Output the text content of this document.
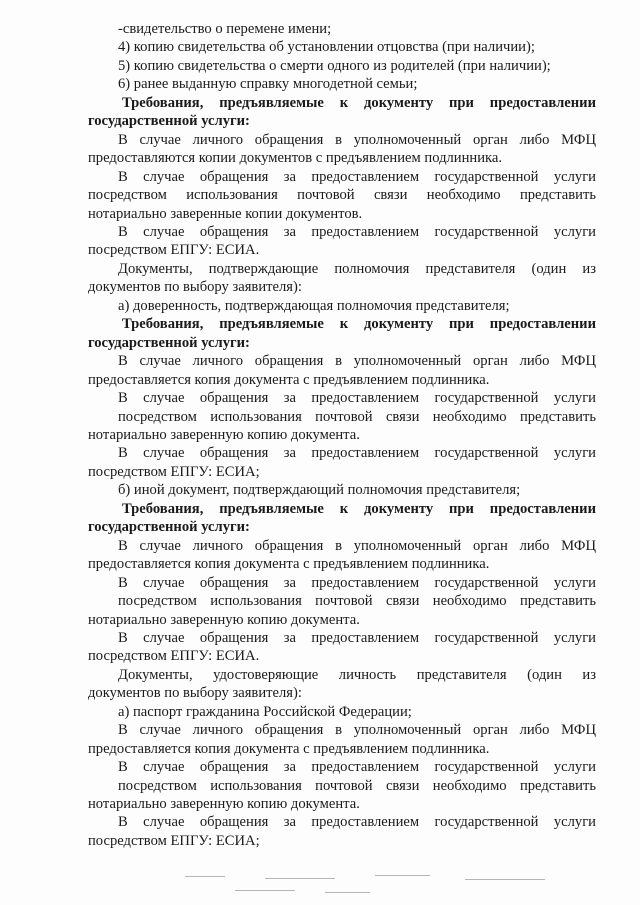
-свидетельство о перемене имени;

4) копию свидетельства об установлении отцовства (при наличии);

5) копию свидетельства о смерти одного из родителей (при наличии);

6) ранее выданную справку многодетной семьи;

Требования, предъявляемые к документу при предоставлении
государственной услуги:

В случае личного обращения в уполномоченный орган либо МФЦ
предоставляются копии документов с предъявлением подлинника.

В случае обращения за предоставлением государственной услуги
посредством использования почтовой связи необходимо представить
нотариально заверенные копии документов.

В случае обращения за предоставлением государственной услуги
посредством ЕПГУ: ЕСИА.

Документы, подтверждающие полномочия представителя (один из
документов по выбору заявителя):

а) доверенность, подтверждающая полномочия представителя;

Требования, предъявляемые к документу при предоставлении
государственной услуги:

В случае личного обращения в уполномоченный орган либо МФЦ
предоставляется копия документа с предъявлением подлинника.

В случае обращения за предоставлением государственной услуги
посредством использования почтовой связи необходимо представить
нотариально заверенную копию документа.

В случае обращения за предоставлением государственной услуги
посредством ЕПГУ: ЕСИА;

б) иной документ, подтверждающий полномочия представителя;

Требования, предъявляемые к документу при предоставлении
государственной услуги:

В случае личного обращения в уполномоченный орган либо МФЦ
предоставляется копия документа с предъявлением подлинника.

В случае обращения за предоставлением государственной услуги
посредством использования почтовой связи необходимо представить
нотариально заверенную копию документа.

В случае обращения за предоставлением государственной услуги
посредством ЕПГУ: ЕСИА.

Документы, удостоверяющие личность представителя (один из
документов по выбору заявителя):

а) паспорт гражданина Российской Федерации;

В случае личного обращения в уполномоченный орган либо МФЦ
предоставляется копия документа с предъявлением подлинника.

В случае обращения за предоставлением государственной услуги
посредством использования почтовой связи необходимо представить
нотариально заверенную копию документа.

В случае обращения за предоставлением государственной услуги
посредством ЕПГУ: ЕСИА;
